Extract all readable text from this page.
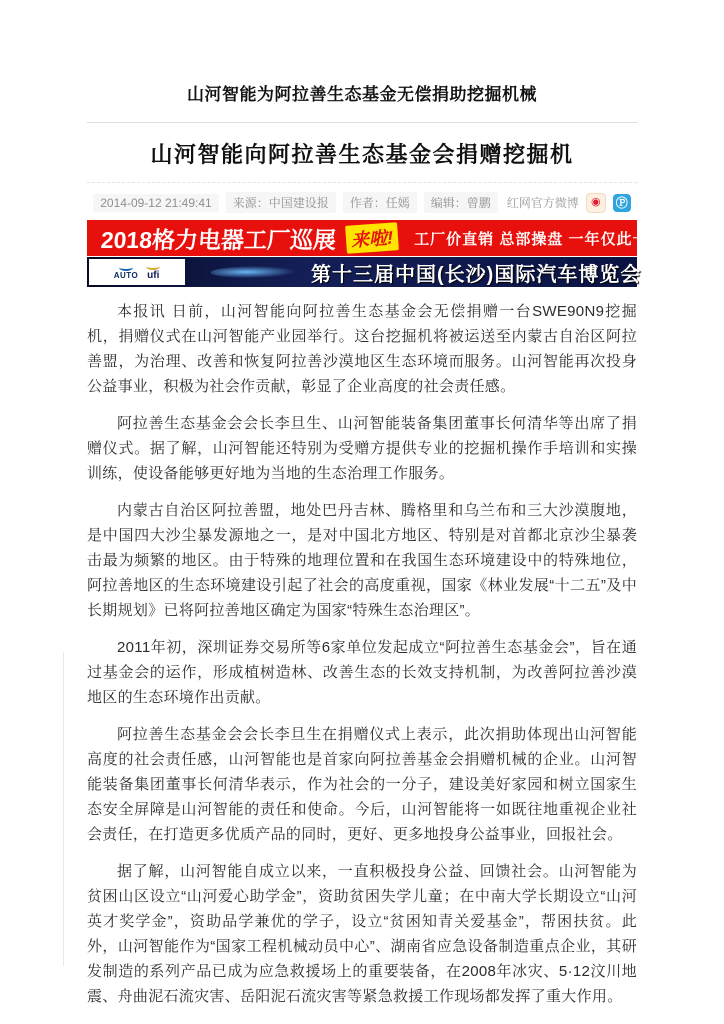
山河智能为阿拉善生态基金无偿捐助挖掘机械
山河智能向阿拉善生态基金会捐赠挖掘机
2014-09-12 21:49:41	来源：中国建设报	作者：任嫣	编辑：曾鹏	红网官方微博	◉	Ⓟ
2018格力电器工厂巡展 来啦!	工厂价直销 总部操盘 一年仅此一次
AUTO ufi	第十三届中国(长沙)国际汽车博览会

本报讯 日前，山河智能向阿拉善生态基金会无偿捐赠一台SWE90N9挖掘机，捐赠仪式在山河智能产业园举行。这台挖掘机将被运送至内蒙古自治区阿拉善盟，为治理、改善和恢复阿拉善沙漠地区生态环境而服务。山河智能再次投身公益事业，积极为社会作贡献，彰显了企业高度的社会责任感。

阿拉善生态基金会会长李旦生、山河智能装备集团董事长何清华等出席了捐赠仪式。据了解，山河智能还特别为受赠方提供专业的挖掘机操作手培训和实操训练，使设备能够更好地为当地的生态治理工作服务。

内蒙古自治区阿拉善盟，地处巴丹吉林、腾格里和乌兰布和三大沙漠腹地，是中国四大沙尘暴发源地之一，是对中国北方地区、特别是对首都北京沙尘暴袭击最为频繁的地区。由于特殊的地理位置和在我国生态环境建设中的特殊地位，阿拉善地区的生态环境建设引起了社会的高度重视，国家《林业发展“十二五”及中长期规划》已将阿拉善地区确定为国家“特殊生态治理区”。

2011年初，深圳证券交易所等6家单位发起成立“阿拉善生态基金会”，旨在通过基金会的运作，形成植树造林、改善生态的长效支持机制，为改善阿拉善沙漠地区的生态环境作出贡献。

阿拉善生态基金会会长李旦生在捐赠仪式上表示，此次捐助体现出山河智能高度的社会责任感，山河智能也是首家向阿拉善基金会捐赠机械的企业。山河智能装备集团董事长何清华表示，作为社会的一分子，建设美好家园和树立国家生态安全屏障是山河智能的责任和使命。今后，山河智能将一如既往地重视企业社会责任，在打造更多优质产品的同时，更好、更多地投身公益事业，回报社会。

据了解，山河智能自成立以来，一直积极投身公益、回馈社会。山河智能为贫困山区设立“山河爱心助学金”，资助贫困失学儿童；在中南大学长期设立“山河英才奖学金”，资助品学兼优的学子，设立“贫困知青关爱基金”，帮困扶贫。此外，山河智能作为“国家工程机械动员中心”、湖南省应急设备制造重点企业，其研发制造的系列产品已成为应急救援场上的重要装备，在2008年冰灾、5·12汶川地震、舟曲泥石流灾害、岳阳泥石流灾害等紧急救援工作现场都发挥了重大作用。
